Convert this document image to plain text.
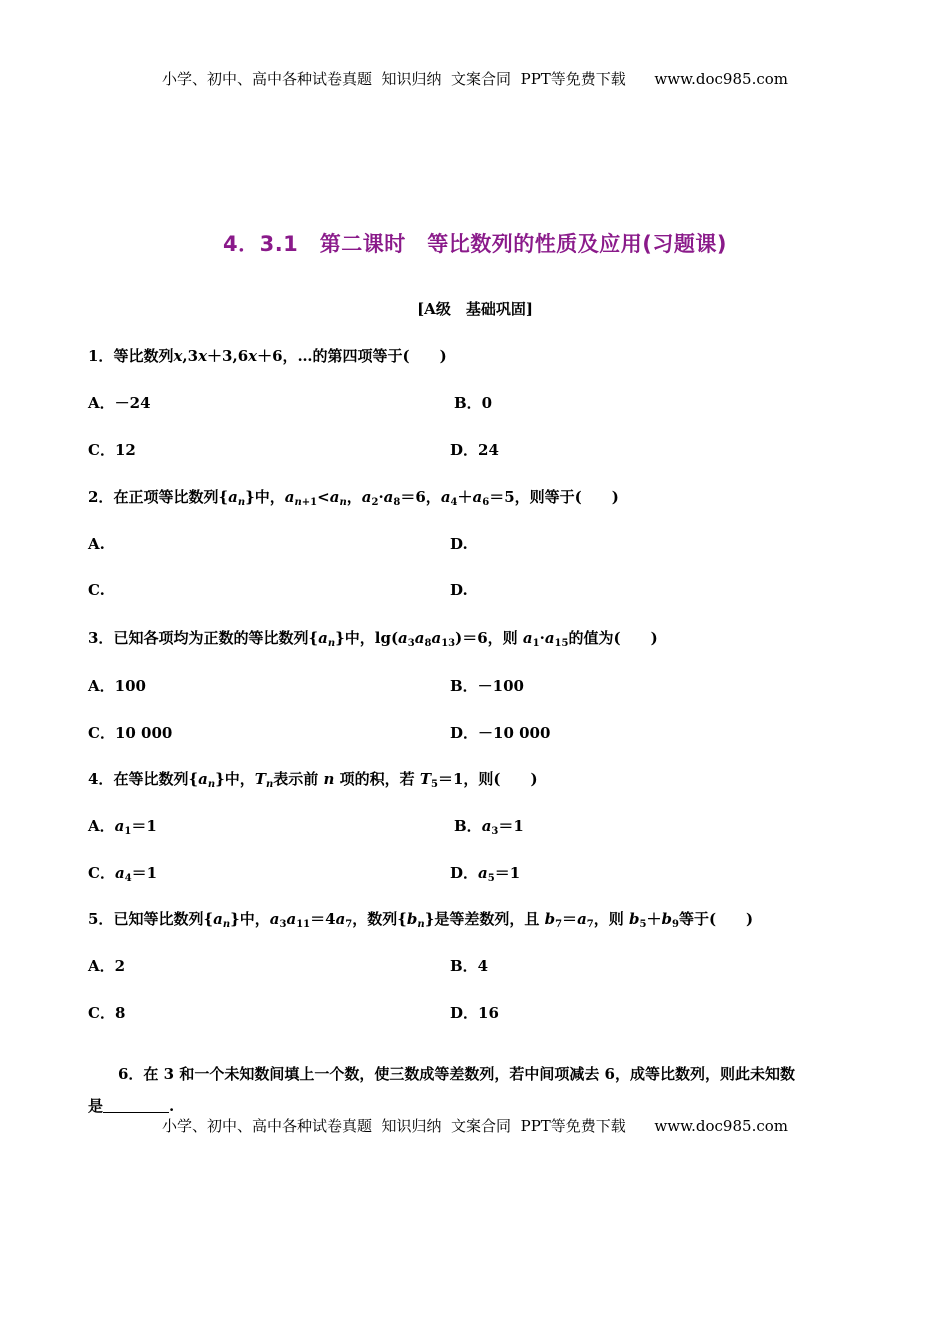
小学、初中、高中各种试卷真题  知识归纳  文案合同  PPT等免费下载      www.doc985.com
4．3.1　第二课时　等比数列的性质及应用(习题课)
[A级　基础巩固]
1．等比数列x,3x＋3,6x＋6，…的第四项等于(　　)
A．－24	B．0
C．12	D．24
2．在正项等比数列$\{a_n\}$中，$a_{n+1}<a_n$，$a_2\cdot a_8=6$，$a_4+a_6=5$，则等于(　　)
A.	D.
C.	D.
3．已知各项均为正数的等比数列$\{a_n\}$中，$\lg(a_3a_8a_{13})=6$，则 $a_1\cdot a_{15}$的值为(　　)
A．100	B．－100
C．10 000	D．－10 000
4．在等比数列$\{a_n\}$中，$T_n$表示前 n 项的积，若 $T_5=1$，则(　　)
A．$a_1=1$	B．$a_3=1$
C．$a_4=1$	D．$a_5=1$
5．已知等比数列$\{a_n\}$中，$a_3a_{11}=4a_7$，数列$\{b_n\}$是等差数列，且 $b_7=a_7$，则 $b_5+b_9$等于(　　)
A．2	B．4
C．8	D．16
6．在 3 和一个未知数间填上一个数，使三数成等差数列，若中间项减去 6，成等比数列，则此未知数
是	.
小学、初中、高中各种试卷真题  知识归纳  文案合同  PPT等免费下载      www.doc985.com
